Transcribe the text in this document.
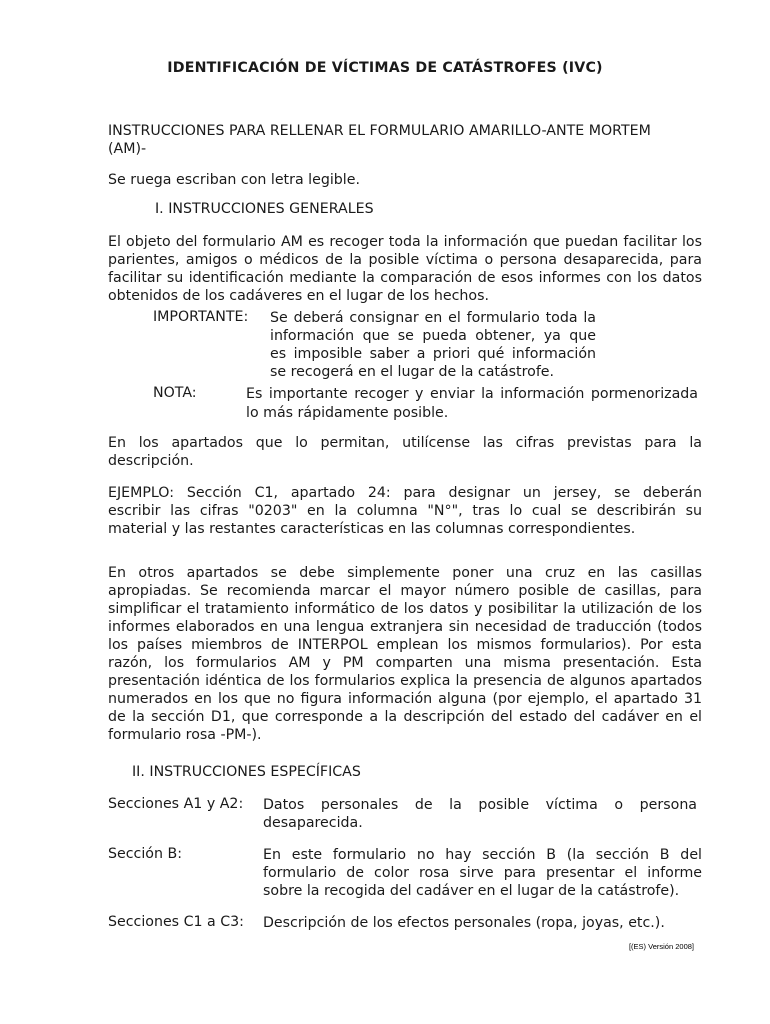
IDENTIFICACIÓN DE VÍCTIMAS DE CATÁSTROFES (IVC)
INSTRUCCIONES PARA RELLENAR EL FORMULARIO AMARILLO-ANTE MORTEM
(AM)-
Se ruega escriban con letra legible.
I. INSTRUCCIONES GENERALES
El objeto del formulario AM es recoger toda la información que puedan facilitar los
parientes, amigos o médicos de la posible víctima o persona desaparecida, para
facilitar su identificación mediante la comparación de esos informes con los datos
obtenidos de los cadáveres en el lugar de los hechos.
IMPORTANTE: Se deberá consignar en el formulario toda la
información que se pueda obtener, ya que
es imposible saber a priori qué información
se recogerá en el lugar de la catástrofe.
NOTA:	Es importante recoger y enviar la información pormenorizada
lo más rápidamente posible.
En los apartados que lo permitan, utilícense las cifras previstas para la
descripción.
EJEMPLO: Sección C1, apartado 24: para designar un jersey, se deberán
escribir las cifras "0203" en la columna "N°", tras lo cual se describirán su
material y las restantes características en las columnas correspondientes.
En otros apartados se debe simplemente poner una cruz en las casillas
apropiadas. Se recomienda marcar el mayor número posible de casillas, para
simplificar el tratamiento informático de los datos y posibilitar la utilización de los
informes elaborados en una lengua extranjera sin necesidad de traducción (todos
los países miembros de INTERPOL emplean los mismos formularios). Por esta
razón, los formularios AM y PM comparten una misma presentación. Esta
presentación idéntica de los formularios explica la presencia de algunos apartados
numerados en los que no figura información alguna (por ejemplo, el apartado 31
de la sección D1, que corresponde a la descripción del estado del cadáver en el
formulario rosa -PM-).
II. INSTRUCCIONES ESPECÍFICAS
Secciones A1 y A2: Datos personales de la posible víctima o persona
desaparecida.
Sección B:	En este formulario no hay sección B (la sección B del
formulario de color rosa sirve para presentar el informe
sobre la recogida del cadáver en el lugar de la catástrofe).
Secciones C1 a C3: Descripción de los efectos personales (ropa, joyas, etc.).
[(ES) Versión 2008]
